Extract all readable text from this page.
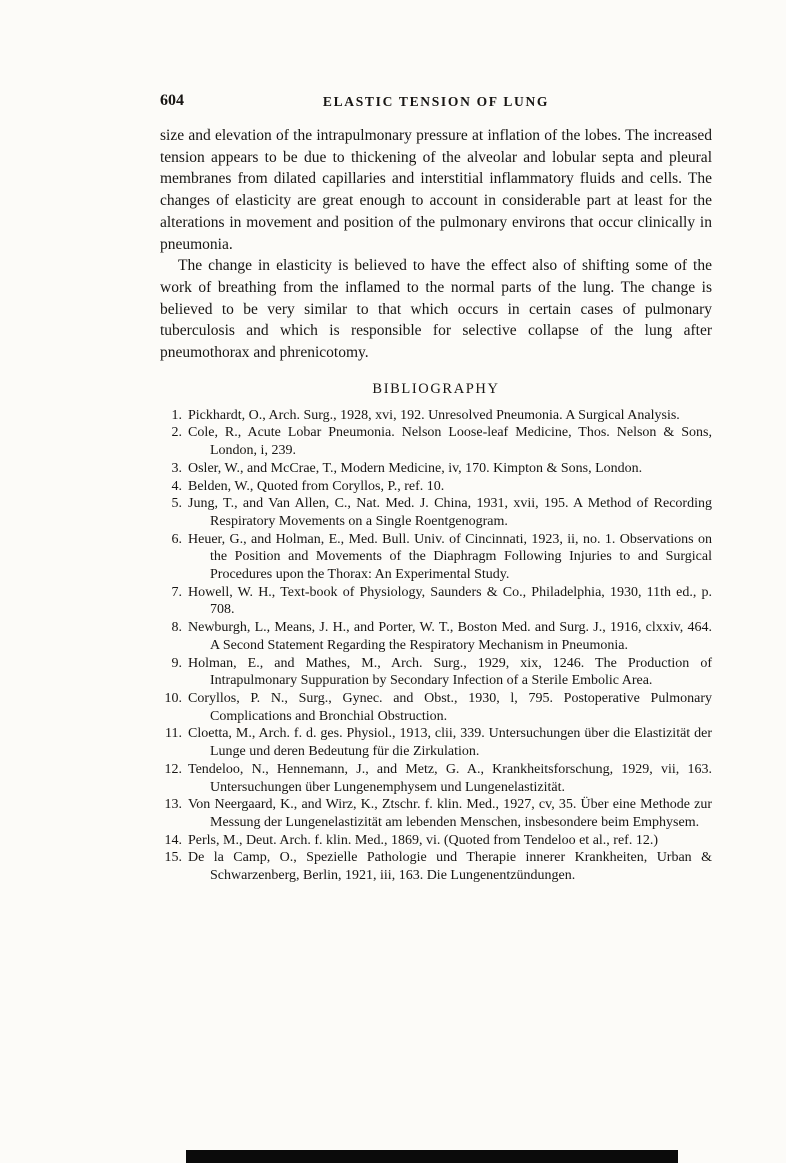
604	ELASTIC TENSION OF LUNG

size and elevation of the intrapulmonary pressure at inflation of the lobes. The increased tension appears to be due to thickening of the alveolar and lobular septa and pleural membranes from dilated capillaries and interstitial inflammatory fluids and cells. The changes of elasticity are great enough to account in considerable part at least for the alterations in movement and position of the pulmonary environs that occur clinically in pneumonia.

The change in elasticity is believed to have the effect also of shifting some of the work of breathing from the inflamed to the normal parts of the lung. The change is believed to be very similar to that which occurs in certain cases of pulmonary tuberculosis and which is responsible for selective collapse of the lung after pneumothorax and phrenicotomy.

BIBLIOGRAPHY
1. Pickhardt, O., Arch. Surg., 1928, xvi, 192. Unresolved Pneumonia. A Surgical Analysis.
2. Cole, R., Acute Lobar Pneumonia. Nelson Loose-leaf Medicine, Thos. Nelson & Sons, London, i, 239.
3. Osler, W., and McCrae, T., Modern Medicine, iv, 170. Kimpton & Sons, London.
4. Belden, W., Quoted from Coryllos, P., ref. 10.
5. Jung, T., and Van Allen, C., Nat. Med. J. China, 1931, xvii, 195. A Method of Recording Respiratory Movements on a Single Roentgenogram.
6. Heuer, G., and Holman, E., Med. Bull. Univ. of Cincinnati, 1923, ii, no. 1. Observations on the Position and Movements of the Diaphragm Following Injuries to and Surgical Procedures upon the Thorax: An Experimental Study.
7. Howell, W. H., Text-book of Physiology, Saunders & Co., Philadelphia, 1930, 11th ed., p. 708.
8. Newburgh, L., Means, J. H., and Porter, W. T., Boston Med. and Surg. J., 1916, clxxiv, 464. A Second Statement Regarding the Respiratory Mechanism in Pneumonia.
9. Holman, E., and Mathes, M., Arch. Surg., 1929, xix, 1246. The Production of Intrapulmonary Suppuration by Secondary Infection of a Sterile Embolic Area.
10. Coryllos, P. N., Surg., Gynec. and Obst., 1930, l, 795. Postoperative Pulmonary Complications and Bronchial Obstruction.
11. Cloetta, M., Arch. f. d. ges. Physiol., 1913, clii, 339. Untersuchungen über die Elastizität der Lunge und deren Bedeutung für die Zirkulation.
12. Tendeloo, N., Hennemann, J., and Metz, G. A., Krankheitsforschung, 1929, vii, 163. Untersuchungen über Lungenemphysem und Lungenelastizität.
13. Von Neergaard, K., and Wirz, K., Ztschr. f. klin. Med., 1927, cv, 35. Über eine Methode zur Messung der Lungenelastizität am lebenden Menschen, insbesondere beim Emphysem.
14. Perls, M., Deut. Arch. f. klin. Med., 1869, vi. (Quoted from Tendeloo et al., ref. 12.)
15. De la Camp, O., Spezielle Pathologie und Therapie innerer Krankheiten, Urban & Schwarzenberg, Berlin, 1921, iii, 163. Die Lungenentzündungen.
